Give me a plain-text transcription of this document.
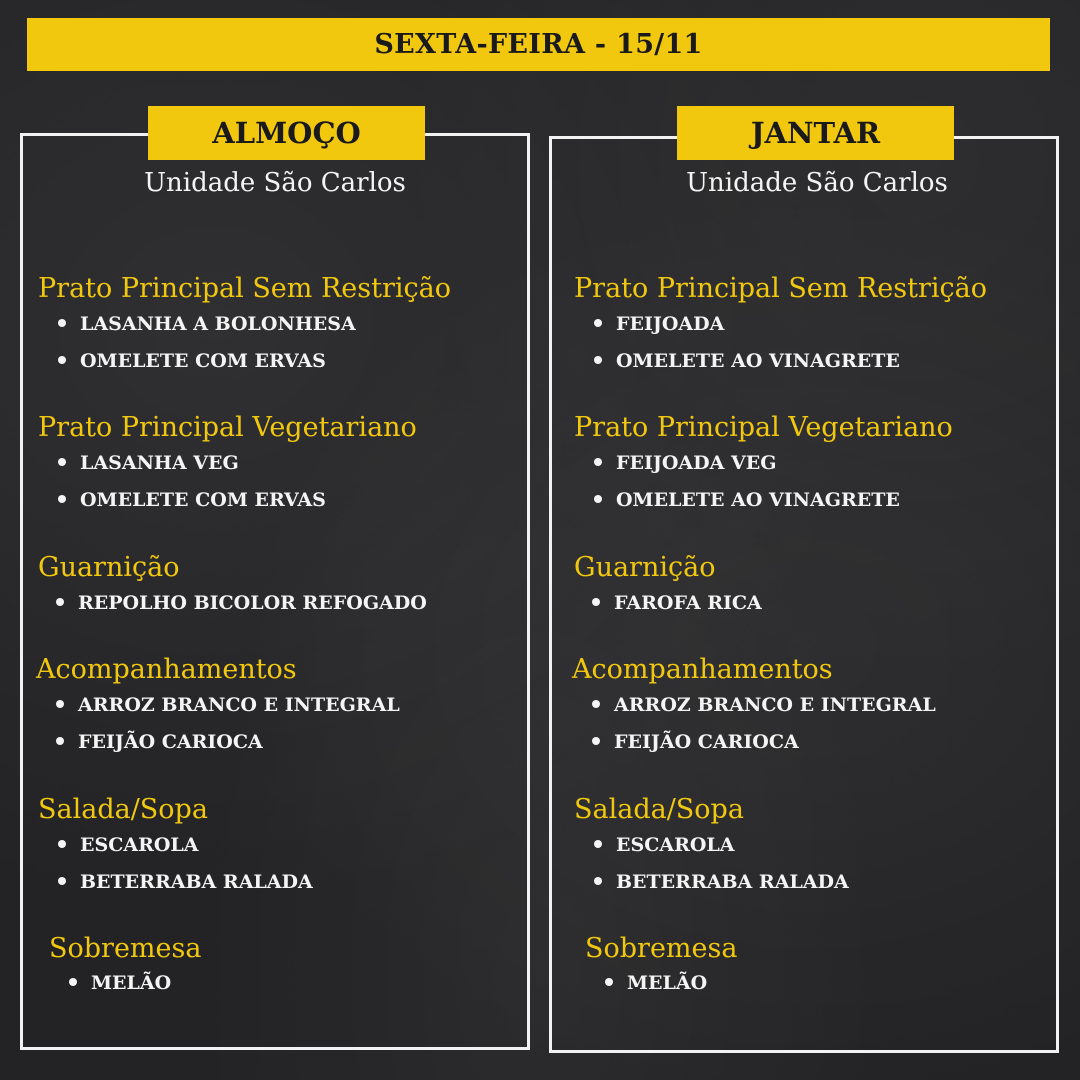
SEXTA-FEIRA - 15/11
ALMOÇO	JANTAR
Unidade São Carlos	Unidade São Carlos
Prato Principal Sem Restrição
LASANHA A BOLONHESA
OMELETE COM ERVAS
Prato Principal Vegetariano
LASANHA VEG
OMELETE COM ERVAS
Guarnição
REPOLHO BICOLOR REFOGADO
Acompanhamentos
ARROZ BRANCO E INTEGRAL
FEIJÃO CARIOCA
Salada/Sopa
ESCAROLA
BETERRABA RALADA
Sobremesa
MELÃO
Prato Principal Sem Restrição
FEIJOADA
OMELETE AO VINAGRETE
Prato Principal Vegetariano
FEIJOADA VEG
OMELETE AO VINAGRETE
Guarnição
FAROFA RICA
Acompanhamentos
ARROZ BRANCO E INTEGRAL
FEIJÃO CARIOCA
Salada/Sopa
ESCAROLA
BETERRABA RALADA
Sobremesa
MELÃO
